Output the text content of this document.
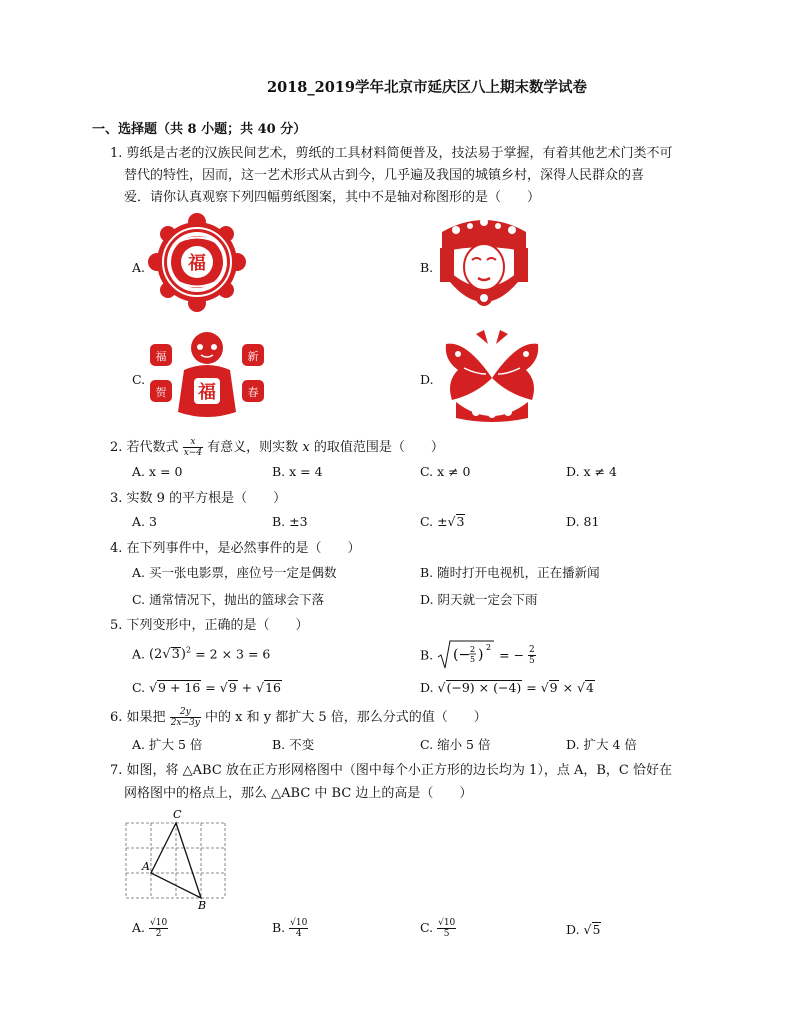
2018_2019学年北京市延庆区八上期末数学试卷
一、选择题（共 8 小题；共 40 分）
1. 剪纸是古老的汉族民间艺术，剪纸的工具材料简便普及，技法易于掌握，有着其他艺术门类不可
替代的特性，因而，这一艺术形式从古到今，几乎遍及我国的城镇乡村，深得人民群众的喜
爱．请你认真观察下列四幅剪纸图案，其中不是轴对称图形的是（　　）
A.	B.
C.	D.
福
福	新
贺	春
福
2. 若代数式 $\frac{x}{x-4}$ 有意义，则实数 x 的取值范围是（　　）
A. x = 0	B. x = 4	C. x ≠ 0	D. x ≠ 4
3. 实数 9 的平方根是（　　）
A. 3	B. ±3	C. ±√3	D. 81
4. 在下列事件中，是必然事件的是（　　）
A. 买一张电影票，座位号一定是偶数	B. 随时打开电视机，正在播新闻
C. 通常情况下，抛出的篮球会下落	D. 阴天就一定会下雨
5. 下列变形中，正确的是（　　）
A. $(2√3)^2 = 2 \times 3 = 6$	B. (− 2
5 ) 2 = − $\frac{2}{5}$
C. √9 + 16 = √9 + √16	D. √(−9) × (−4) = √9 × √4
6. 如果把 $\frac{2y}{2x-3y}$ 中的 x 和 y 都扩大 5 倍，那么分式的值（　　）
A. 扩大 5 倍	B. 不变	C. 缩小 5 倍	D. 扩大 4 倍
7. 如图，将 △ABC 放在正方形网格图中（图中每个小正方形的边长均为 1），点 A，B，C 恰好在
网格图中的格点上，那么 △ABC 中 BC 边上的高是（　　）
C
A
B
A. $\frac{√10}{2}$	B. $\frac{√10}{4}$	C. $\frac{√10}{5}$	D. √5
